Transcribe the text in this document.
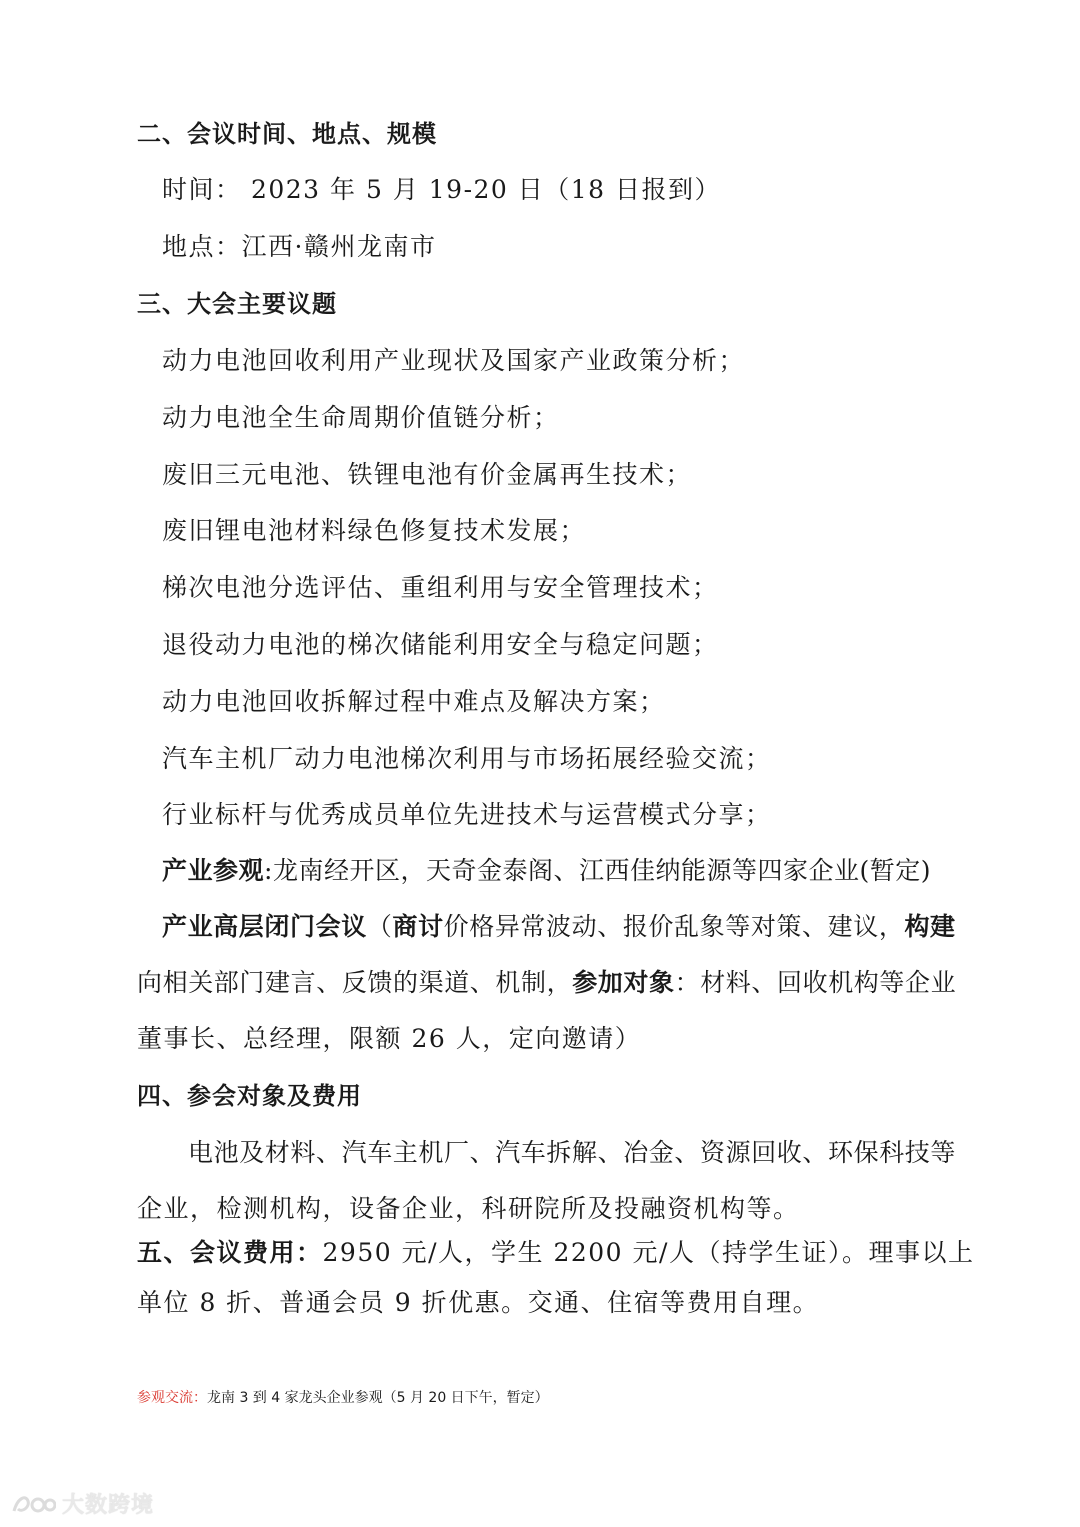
二、会议时间、地点、规模
时间： 2023 年 5 月 19-20 日（18 日报到）
地点：江西·赣州龙南市
三、大会主要议题
动力电池回收利用产业现状及国家产业政策分析；
动力电池全生命周期价值链分析；
废旧三元电池、铁锂电池有价金属再生技术；
废旧锂电池材料绿色修复技术发展；
梯次电池分选评估、重组利用与安全管理技术；
退役动力电池的梯次储能利用安全与稳定问题；
动力电池回收拆解过程中难点及解决方案；
汽车主机厂动力电池梯次利用与市场拓展经验交流；
行业标杆与优秀成员单位先进技术与运营模式分享；
产业参观:龙南经开区，天奇金泰阁、江西佳纳能源等四家企业(暂定)
产业高层闭门会议（商讨价格异常波动、报价乱象等对策、建议，构建
向相关部门建言、反馈的渠道、机制，参加对象：材料、回收机构等企业
董事长、总经理，限额 26 人，定向邀请）
四、参会对象及费用
电池及材料、汽车主机厂、汽车拆解、冶金、资源回收、环保科技等
企业，检测机构，设备企业，科研院所及投融资机构等。
五、会议费用：2950 元/人，学生 2200 元/人（持学生证）。理事以上
单位 8 折、普通会员 9 折优惠。交通、住宿等费用自理。
参观交流：龙南 3 到 4 家龙头企业参观（5 月 20 日下午，暂定）
大数跨境
